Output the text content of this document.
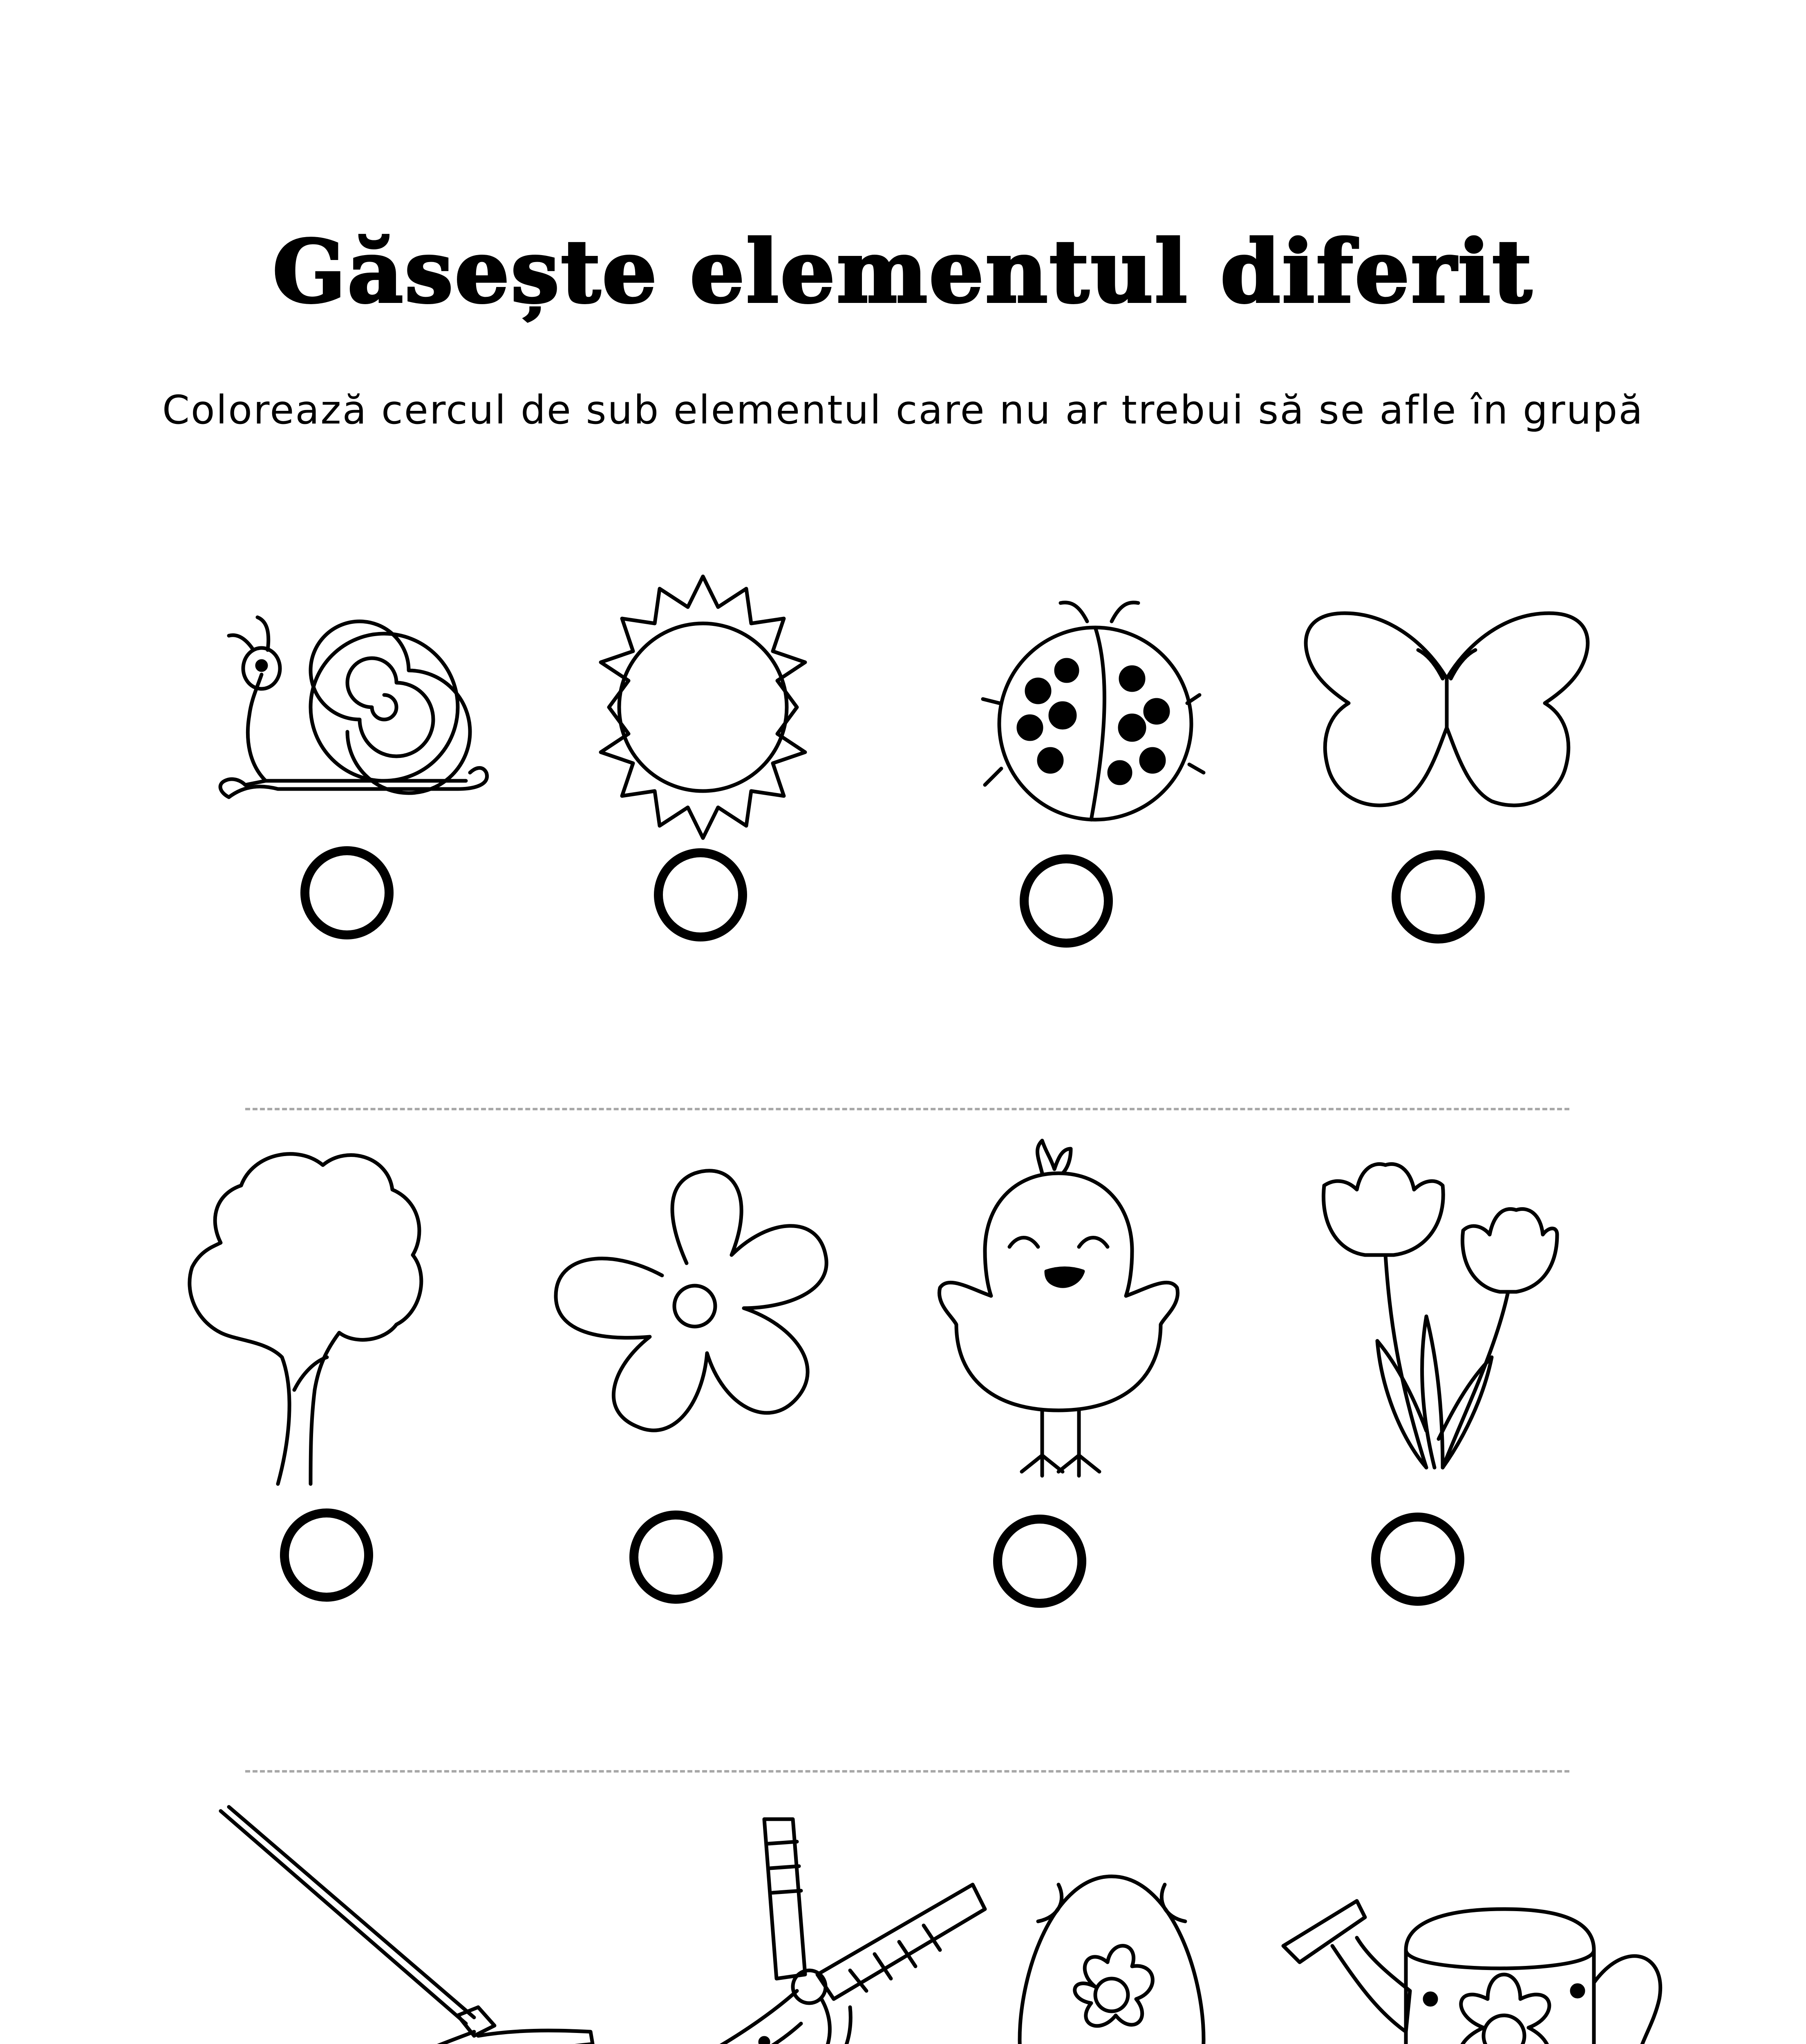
Găsește elementul diferit
Colorează cercul de sub elementul care nu ar trebui să se afle în grupă
